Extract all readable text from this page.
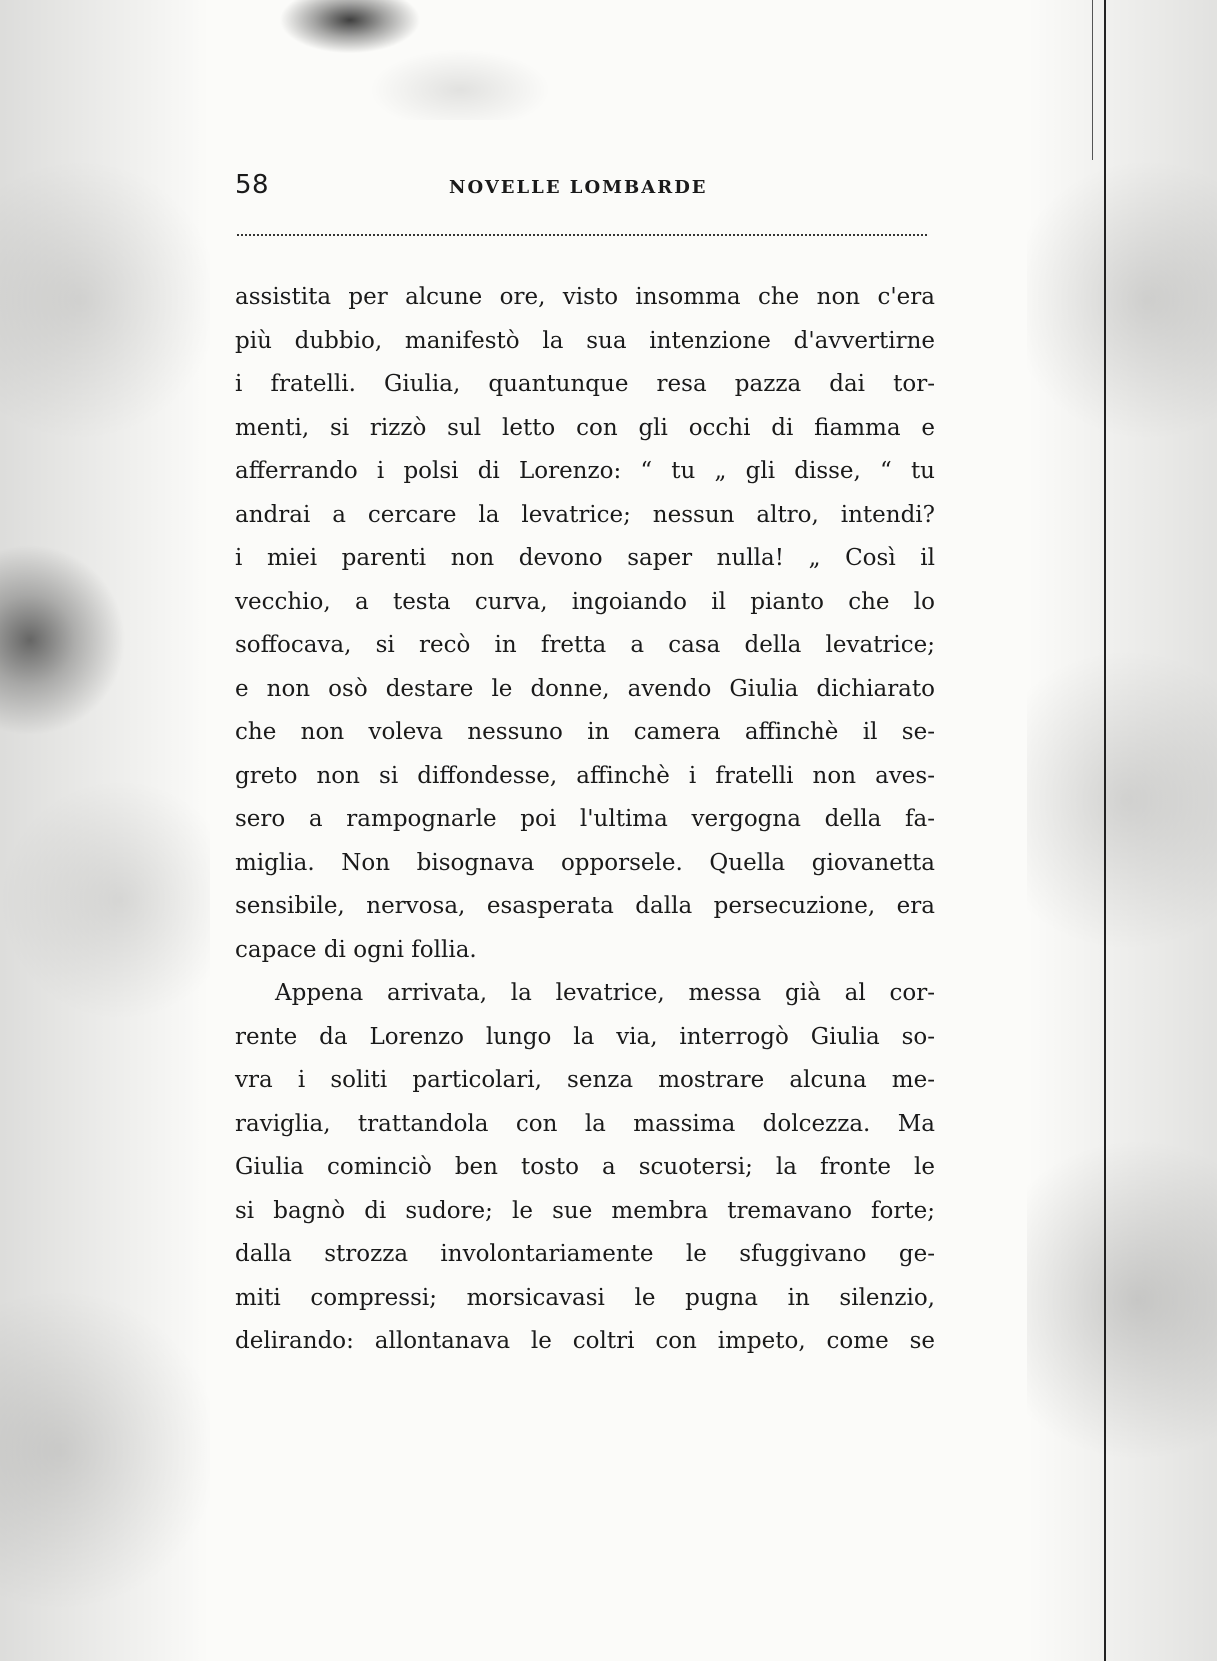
58	NOVELLE LOMBARDE
assistita per alcune ore, visto insomma che non c'era
più dubbio, manifestò la sua intenzione d'avvertirne
i fratelli. Giulia, quantunque resa pazza dai tor-
menti, si rizzò sul letto con gli occhi di fiamma e
afferrando i polsi di Lorenzo: “ tu „ gli disse, “ tu
andrai a cercare la levatrice; nessun altro, intendi?
i miei parenti non devono saper nulla! „ Così il
vecchio, a testa curva, ingoiando il pianto che lo
soffocava, si recò in fretta a casa della levatrice;
e non osò destare le donne, avendo Giulia dichiarato
che non voleva nessuno in camera affinchè il se-
greto non si diffondesse, affinchè i fratelli non aves-
sero a rampognarle poi l'ultima vergogna della fa-
miglia. Non bisognava opporsele. Quella giovanetta
sensibile, nervosa, esasperata dalla persecuzione, era
capace di ogni follia.
Appena arrivata, la levatrice, messa già al cor-
rente da Lorenzo lungo la via, interrogò Giulia so-
vra i soliti particolari, senza mostrare alcuna me-
raviglia, trattandola con la massima dolcezza. Ma
Giulia cominciò ben tosto a scuotersi; la fronte le
si bagnò di sudore; le sue membra tremavano forte;
dalla strozza involontariamente le sfuggivano ge-
miti compressi; morsicavasi le pugna in silenzio,
delirando: allontanava le coltri con impeto, come se
